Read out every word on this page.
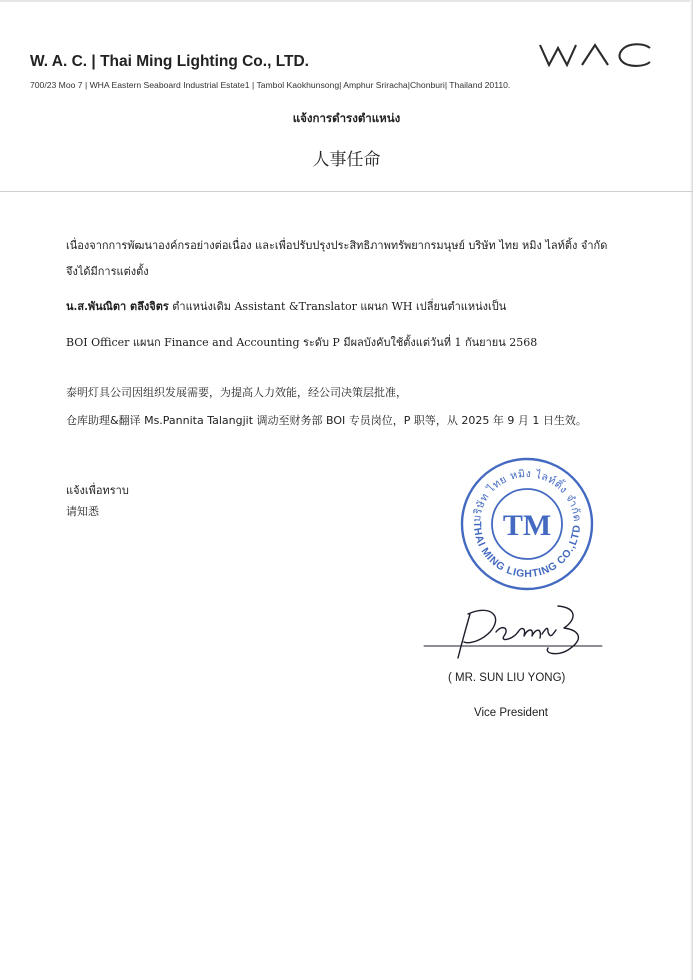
W. A. C. | Thai Ming Lighting Co., LTD.
700/23 Moo 7 | WHA Eastern Seaboard Industrial Estate1 | Tambol Kaokhunsong| Amphur Sriracha|Chonburi| Thailand 20110.
แจ้งการดำรงตำแหน่ง
人事任命
เนื่องจากการพัฒนาองค์กรอย่างต่อเนื่อง และเพื่อปรับปรุงประสิทธิภาพทรัพยากรมนุษย์ บริษัท ไทย หมิง ไลท์ติ้ง จำกัด
จึงได้มีการแต่งตั้ง
น.ส.พันณิตา ตลึงจิตร ตำแหน่งเดิม Assistant &Translator แผนก WH เปลี่ยนตำแหน่งเป็น
BOI Officer แผนก Finance and Accounting ระดับ P มีผลบังคับใช้ตั้งแต่วันที่ 1 กันยายน 2568
泰明灯具公司因组织发展需要，为提高人力效能，经公司决策层批准，
仓库助理&翻译 Ms.Pannita Talangjit 调动至财务部 BOI 专员岗位，P 职等，从 2025 年 9 月 1 日生效。
แจ้งเพื่อทราบ
请知悉
บริษัท ไทย หมิง ไลท์ติ้ง จำกัด
THAI MING LIGHTING CO.,LTD
TM
( MR. SUN LIU YONG)
Vice President
